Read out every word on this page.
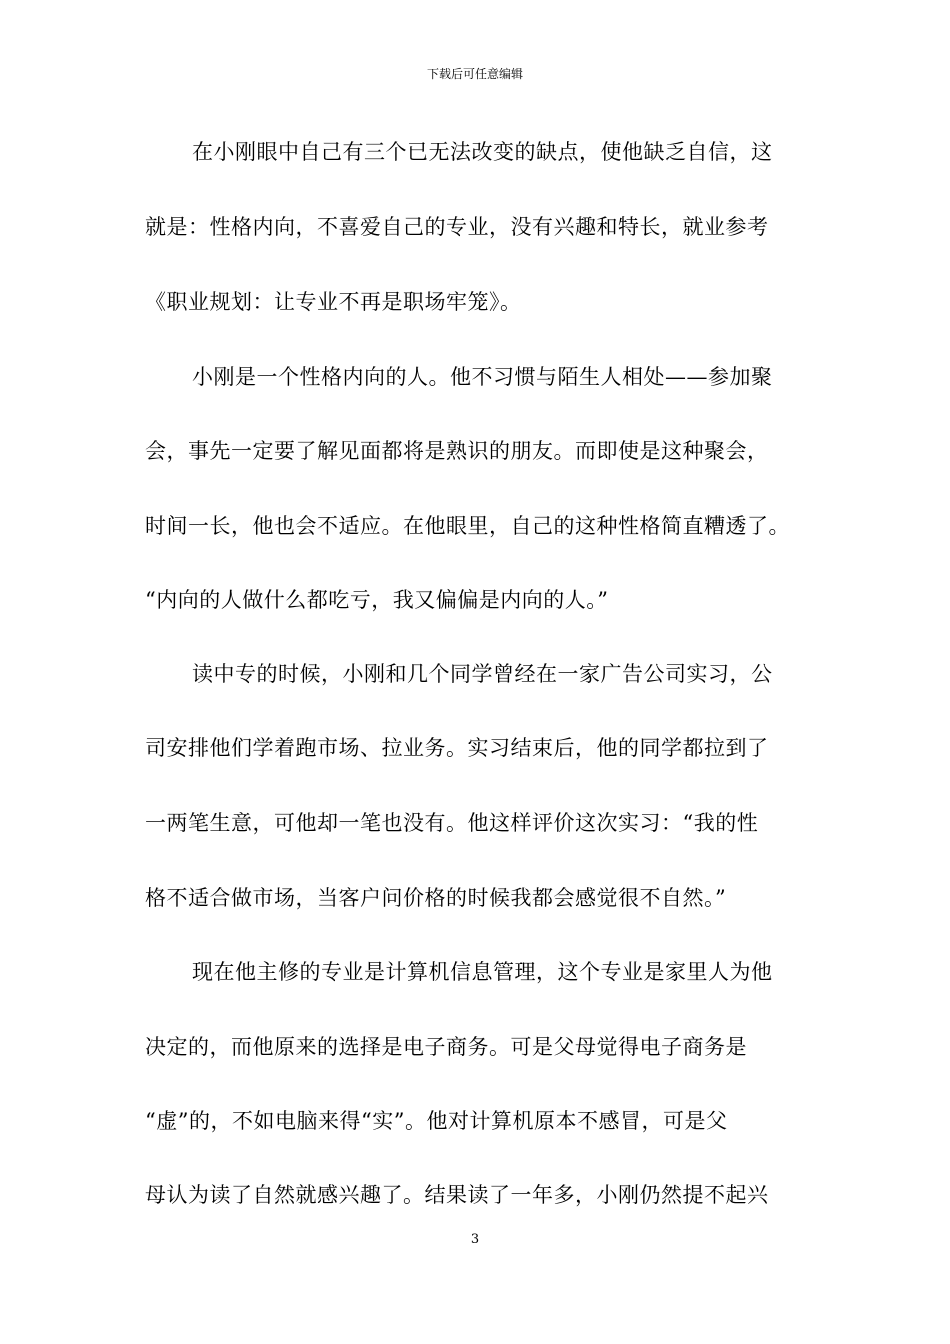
下载后可任意编辑
在小刚眼中自己有三个已无法改变的缺点，使他缺乏自信，这
就是：性格内向，不喜爱自己的专业，没有兴趣和特长，就业参考
《职业规划：让专业不再是职场牢笼》。
小刚是一个性格内向的人。他不习惯与陌生人相处——参加聚
会，事先一定要了解见面都将是熟识的朋友。而即使是这种聚会，
时间一长，他也会不适应。在他眼里，自己的这种性格简直糟透了。
“内向的人做什么都吃亏，我又偏偏是内向的人。”
读中专的时候，小刚和几个同学曾经在一家广告公司实习，公
司安排他们学着跑市场、拉业务。实习结束后，他的同学都拉到了
一两笔生意，可他却一笔也没有。他这样评价这次实习：“我的性
格不适合做市场，当客户问价格的时候我都会感觉很不自然。”
现在他主修的专业是计算机信息管理，这个专业是家里人为他
决定的，而他原来的选择是电子商务。可是父母觉得电子商务是
“虚”的，不如电脑来得“实”。他对计算机原本不感冒，可是父
母认为读了自然就感兴趣了。结果读了一年多，小刚仍然提不起兴
3
